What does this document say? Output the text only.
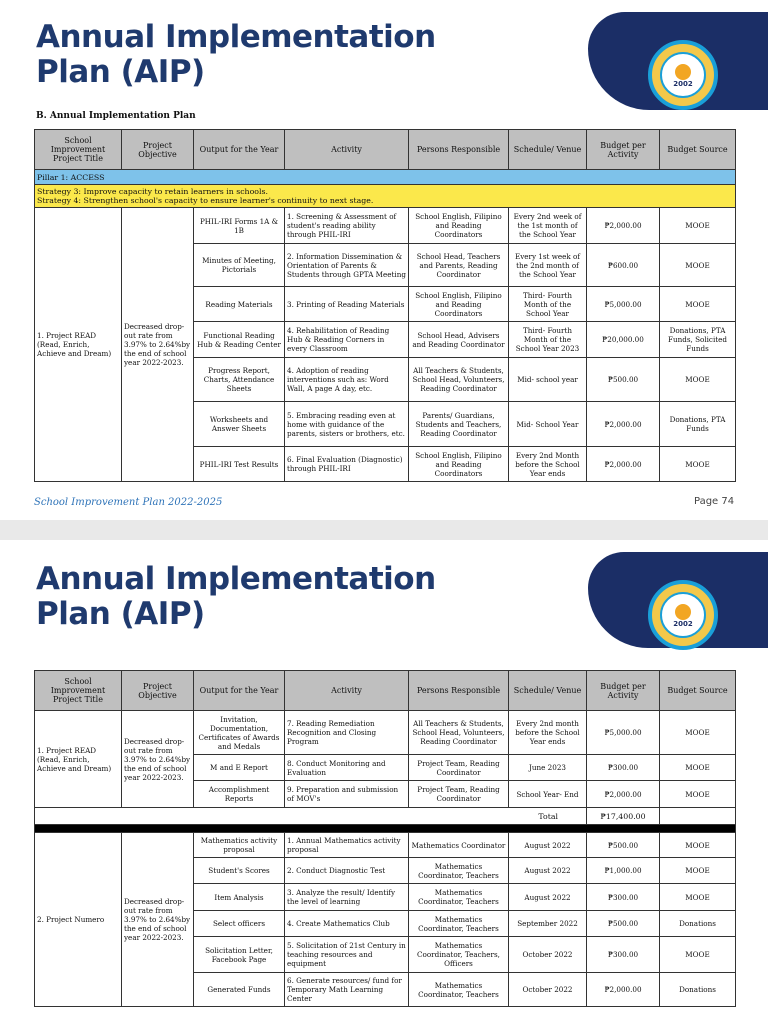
Annual Implementation
Plan (AIP)	2002
B. Annual Implementation Plan
School Improvement Project Title	Project Objective	Output for the Year	Activity	Persons Responsible	Schedule/ Venue	Budget per Activity	Budget Source
Pillar 1: ACCESS							

Strategy 3: Improve capacity to retain learners in schools.
Strategy 4: Strengthen school's capacity to ensure learner's continuity to next stage.							

1. Project READ (Read, Enrich, Achieve and Dream)	Decreased drop-out rate from 3.97% to 2.64%by the end of school year 2022-2023.	PHIL-IRI Forms 1A & 1B	1. Screening & Assessment of student's reading ability through PHIL-IRI	School English, Filipino and Reading Coordinators	Every 2nd week of the 1st month of the School Year	₱2,000.00	MOOE
		Minutes of Meeting, Pictorials	2. Information Dissemination & Orientation of Parents & Students through GPTA Meeting	School Head, Teachers and Parents, Reading Coordinator	Every 1st week of the 2nd month of the School Year	₱600.00	MOOE
		Reading Materials	3. Printing of Reading Materials	School English, Filipino and Reading Coordinators	Third- Fourth Month of the School Year	₱5,000.00	MOOE
		Functional Reading Hub & Reading Center	4. Rehabilitation of Reading Hub & Reading Corners in every Classroom	School Head, Advisers and Reading Coordinator	Third- Fourth Month of the School Year 2023	₱20,000.00	Donations, PTA Funds, Solicited Funds
		Progress Report, Charts, Attendance Sheets	4. Adoption of reading interventions such as: Word Wall, A page A day, etc.	All Teachers & Students, School Head, Volunteers, Reading Coordinator	Mid- school year	₱500.00	MOOE
		Worksheets and Answer Sheets	5. Embracing reading even at home with guidance of the parents, sisters or brothers, etc.	Parents/ Guardians, Students and Teachers, Reading Coordinator	Mid- School Year	₱2,000.00	Donations, PTA Funds
		PHIL-IRI Test Results	6. Final Evaluation (Diagnostic) through PHIL-IRI	School English, Filipino and Reading Coordinators	Every 2nd Month before the School Year ends	₱2,000.00	MOOE
School Improvement Plan 2022-2025	Page 74
Annual Implementation
Plan (AIP)	2002
School Improvement Project Title	Project Objective	Output for the Year	Activity	Persons Responsible	Schedule/ Venue	Budget per Activity	Budget Source
1. Project READ (Read, Enrich, Achieve and Dream)	Decreased drop-out rate from 3.97% to 2.64%by the end of school year 2022-2023.	Invitation, Documentation, Certificates of Awards and Medals	7. Reading Remediation Recognition and Closing Program	All Teachers & Students, School Head, Volunteers, Reading Coordinator	Every 2nd month before the School Year ends	₱5,000.00	MOOE
		M and E Report	8. Conduct Monitoring and Evaluation	Project Team, Reading Coordinator	June 2023	₱300.00	MOOE
		Accomplishment Reports	9. Preparation and submission of MOV's	Project Team, Reading Coordinator	School Year- End	₱2,000.00	MOOE
Total						₱17,400.00	

2. Project Numero	Decreased drop-out rate from 3.97% to 2.64%by the end of school year 2022-2023.	Mathematics activity proposal	1. Annual Mathematics activity proposal	Mathematics Coordinator	August 2022	₱500.00	MOOE
		Student's Scores	2. Conduct Diagnostic Test	Mathematics Coordinator, Teachers	August 2022	₱1,000.00	MOOE
		Item Analysis	3. Analyze the result/ Identify the level of learning	Mathematics Coordinator, Teachers	August 2022	₱300.00	MOOE
		Select officers	4. Create Mathematics Club	Mathematics Coordinator, Teachers	September 2022	₱500.00	Donations
		Solicitation Letter, Facebook Page	5. Solicitation of 21st Century in teaching resources and equipment	Mathematics Coordinator, Teachers, Officers	October 2022	₱300.00	MOOE
		Generated Funds	6. Generate resources/ fund for Temporary Math Learning Center	Mathematics Coordinator, Teachers	October 2022	₱2,000.00	Donations
